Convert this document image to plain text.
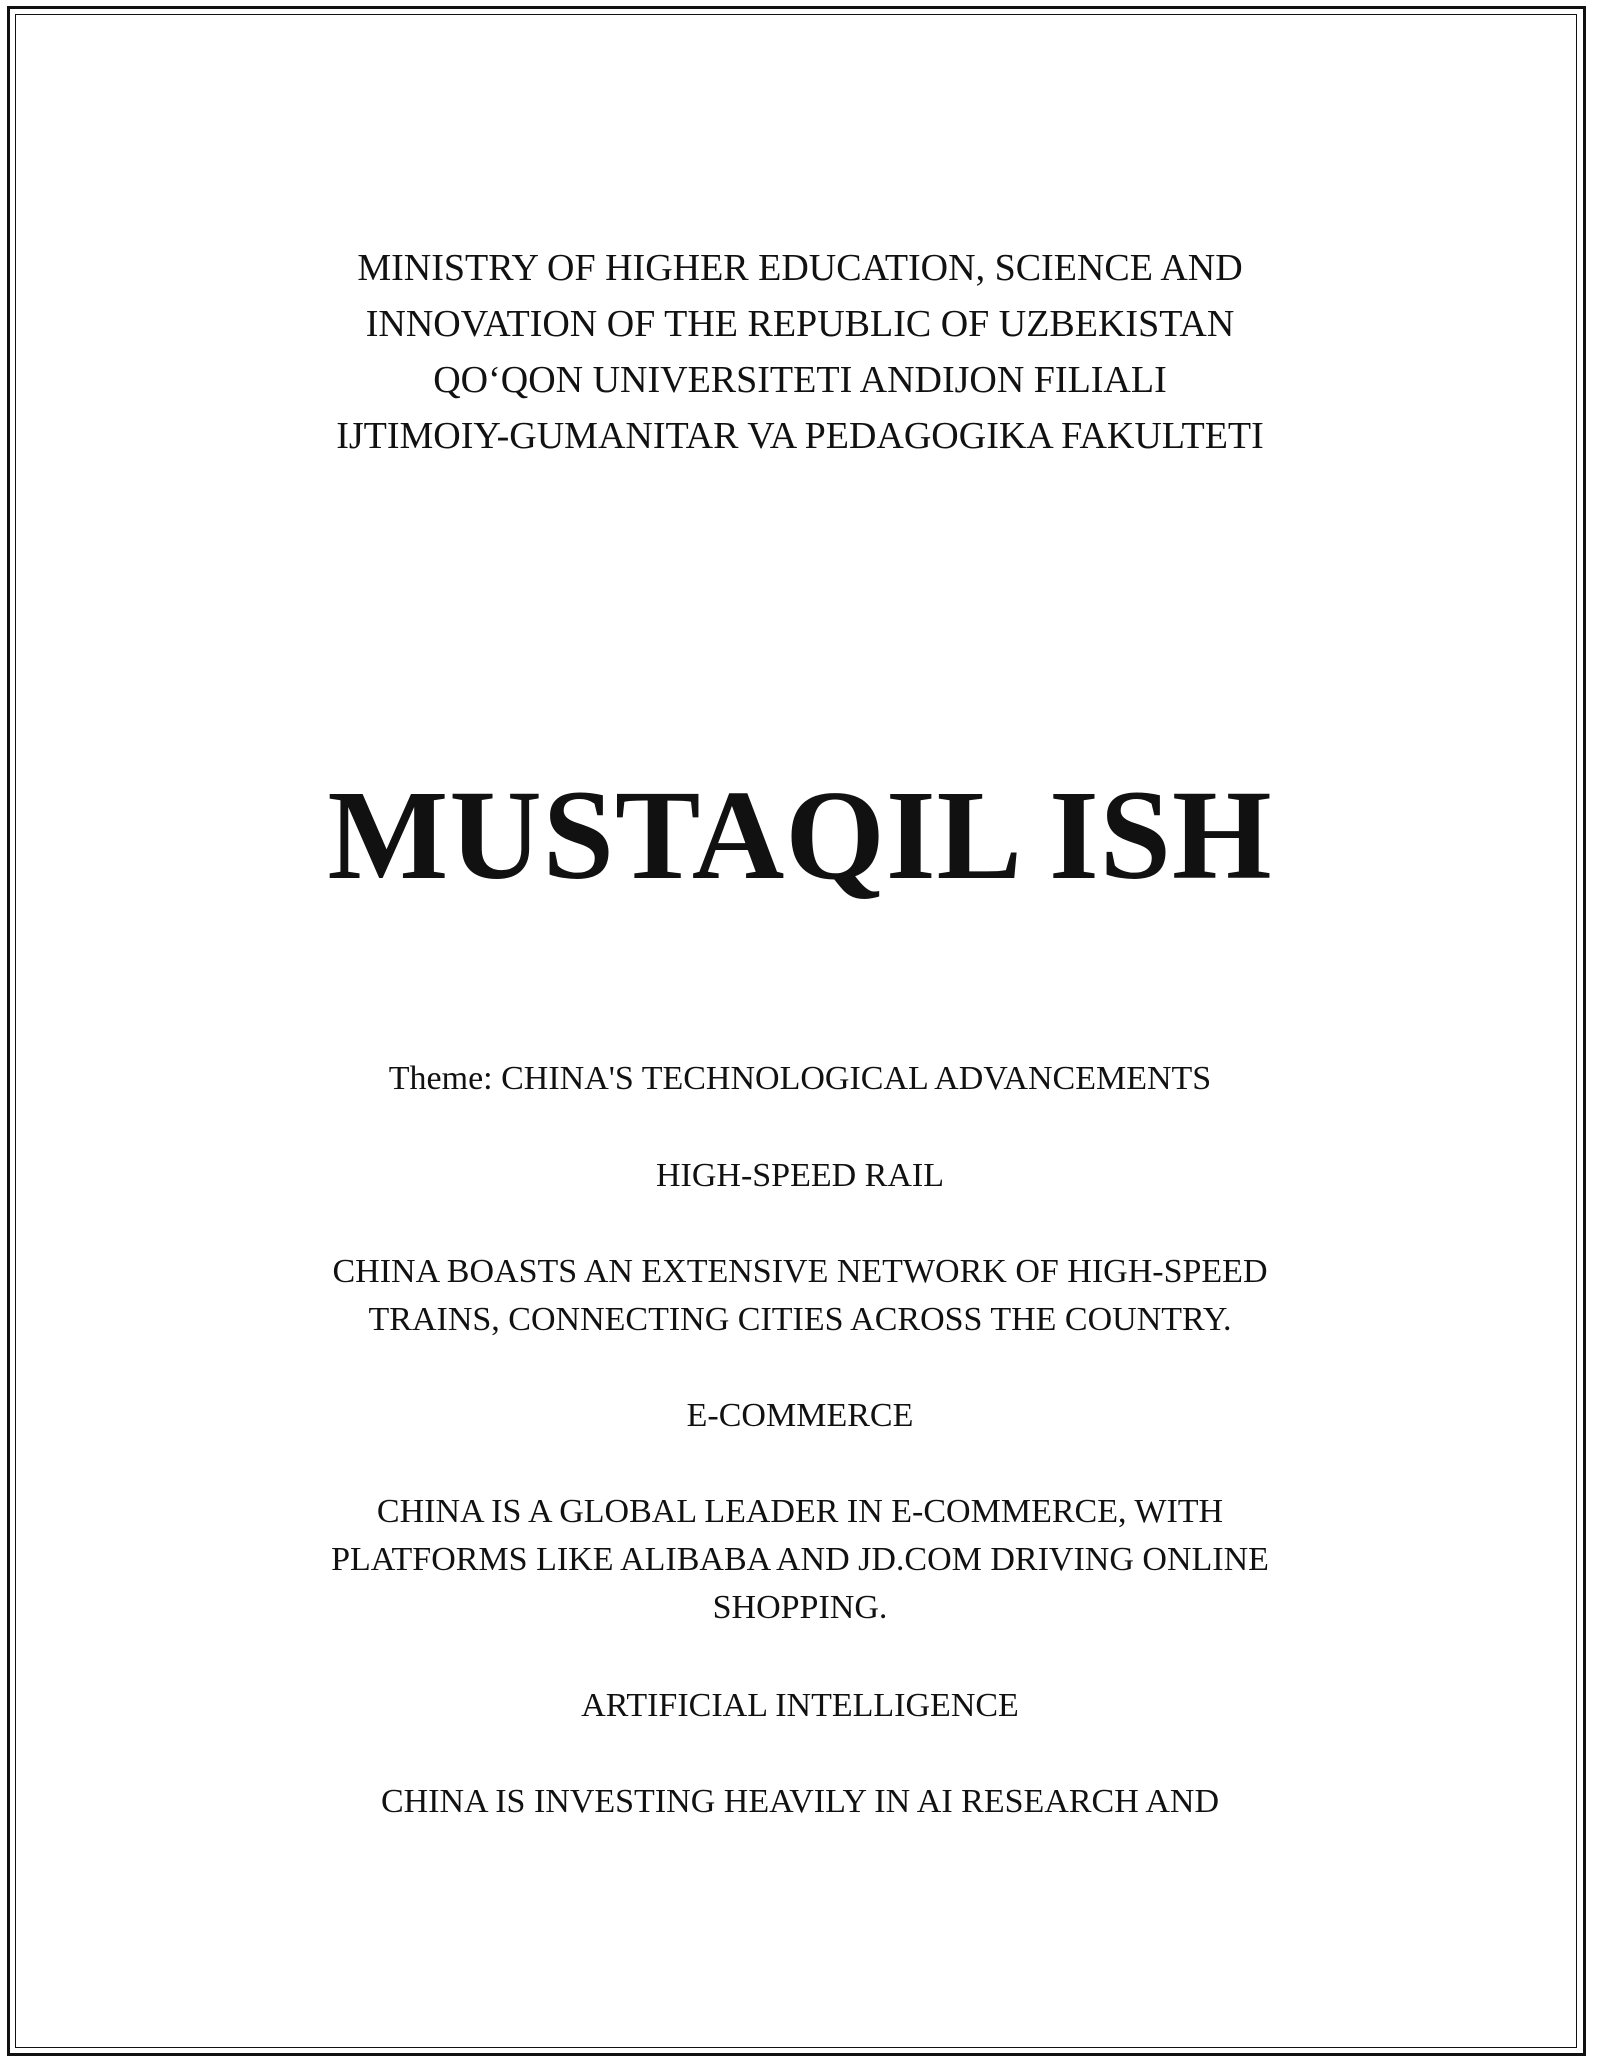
MINISTRY OF HIGHER EDUCATION, SCIENCE AND
INNOVATION OF THE REPUBLIC OF UZBEKISTAN
QO‘QON UNIVERSITETI ANDIJON FILIALI
IJTIMOIY-GUMANITAR VA PEDAGOGIKA FAKULTETI
MUSTAQIL ISH
Theme: CHINA'S TECHNOLOGICAL ADVANCEMENTS
HIGH-SPEED RAIL
CHINA BOASTS AN EXTENSIVE NETWORK OF HIGH-SPEED
TRAINS, CONNECTING CITIES ACROSS THE COUNTRY.
E-COMMERCE
CHINA IS A GLOBAL LEADER IN E-COMMERCE, WITH
PLATFORMS LIKE ALIBABA AND JD.COM DRIVING ONLINE
SHOPPING.
ARTIFICIAL INTELLIGENCE
CHINA IS INVESTING HEAVILY IN AI RESEARCH AND
